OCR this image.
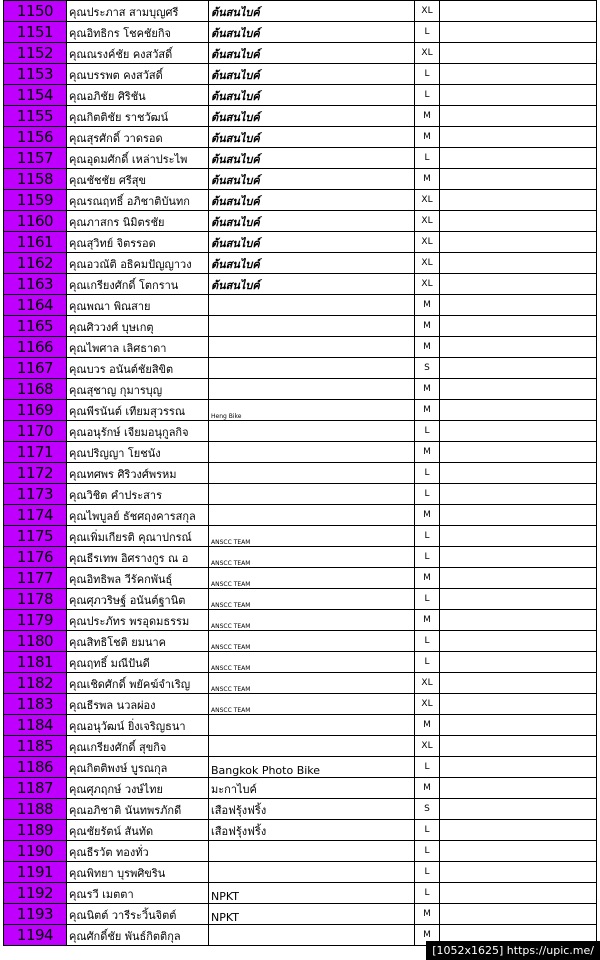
1150	คุณประภาส สามบุญศรี	ต้นสนไบค์	XL	
1151	คุณอิทธิกร โชคชัยกิจ	ต้นสนไบค์	L	
1152	คุณณรงค์ชัย คงสวัสดิ์	ต้นสนไบค์	XL	
1153	คุณบรรพต คงสวัสดิ์	ต้นสนไบค์	L	
1154	คุณอภิชัย ศิริชัน	ต้นสนไบค์	L	
1155	คุณกิตติชัย ราชวัฒน์	ต้นสนไบค์	M	
1156	คุณสุรศักดิ์ วาดรอด	ต้นสนไบค์	M	
1157	คุณอุดมศักดิ์ เหล่าประไพ	ต้นสนไบค์	L	
1158	คุณชัชชัย ศรีสุข	ต้นสนไบค์	M	
1159	คุณรณฤทธิ์ อภิชาติบันทก	ต้นสนไบค์	XL	
1160	คุณภาสกร นิมิตรชัย	ต้นสนไบค์	XL	
1161	คุณสุวิทย์ จิตรรอด	ต้นสนไบค์	XL	
1162	คุณอวณัติ อธิคมปัญญาวง	ต้นสนไบค์	XL	
1163	คุณเกรียงศักดิ์ โตกราน	ต้นสนไบค์	XL	
1164	คุณพณา พิณสาย		M	
1165	คุณศิววงศ์ บุษเกตุ		M	
1166	คุณไพศาล เลิศธาดา		M	
1167	คุณบวร อนันต์ชัยสิขิต		S	
1168	คุณสุชาญ กุมารบุญ		M	
1169	คุณพีรนันต์ เทียมสุวรรณ	Heng Bike	M	
1170	คุณอนุรักษ์ เจียมอนุกูลกิจ		L	
1171	คุณปริญญา โยชนัง		M	
1172	คุณทศพร ศิริวงศ์พรหม		L	
1173	คุณวิชิต คำประสาร		L	
1174	คุณไพบูลย์ ธัชศฤงคารสกุล		M	
1175	คุณเพิ่มเกียรติ คุณาปกรณ์	ANSCC TEAM	L	
1176	คุณธีรเทพ อิศรางกูร ณ อ	ANSCC TEAM	L	
1177	คุณอิทธิพล วีรัคกพันธุ์	ANSCC TEAM	M	
1178	คุณศุภวริษฐ์ อนันต์ฐานิต	ANSCC TEAM	L	
1179	คุณประภัทร พรอุดมธรรม	ANSCC TEAM	M	
1180	คุณสิทธิโชติ ยมนาค	ANSCC TEAM	L	
1181	คุณฤทธิ์ มณีปันดี	ANSCC TEAM	L	
1182	คุณเชิดศักดิ์ พยัคฆ์จำเริญ	ANSCC TEAM	XL	
1183	คุณธีรพล นวลผ่อง	ANSCC TEAM	XL	
1184	คุณอนุวัฒน์ ยิ่งเจริญธนา		M	
1185	คุณเกรียงศักดิ์ สุขกิจ		XL	
1186	คุณกิตติพงษ์ บูรณกุล	Bangkok Photo Bike	L	
1187	คุณศุภฤกษ์ วงษ์ไทย	มะกาไบค์	M	
1188	คุณอภิชาติ นันทพรภักดี	เสือฟรุ้งฟริ้ง	S	
1189	คุณชัยรัตน์ สันทัด	เสือฟรุ้งฟริ้ง	L	
1190	คุณธีรวัต ทองทั่ว		L	
1191	คุณพิทยา บุรพศิขริน		L	
1192	คุณรวี เมตตา	NPKT	L	
1193	คุณนิตต์ วารีระวิ้นจิตต์	NPKT	M	
1194	คุณศักดิ์ชัย พันธ์กิตติกุล		M	
[1052x1625] https://upic.me/
